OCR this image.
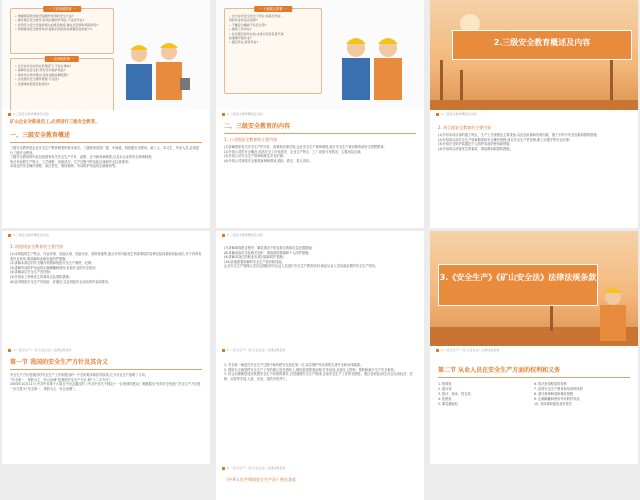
一 不应该做的事 一
• 掌握国家防治的设备操作使用的安全方法?
• 遵守相应安全规范,使用必要防护用品,不违章作业?
• 使用符合安全设备和相关的规章制度,确认危险源和风险防范?
• 积极参加安全教育培训,提高识别危险和规避危险的能力?
一 应该做的事 一
• 自行在非自动作业的情况下,不存在事故?
• 保障作业安全的,穿好劳动保护用品?
• 保持作业场所整洁,及时消除各种隐患?
• 自觉遵守安全操作规程,不违章?
• 发现事故隐患及时报告?
一 不能做人的事 一
• 自行在非安全状态下作业,如高空作业,
冒险作业和违章指挥?
• 不戴安全帽或不系安全带?
• 擅离工作岗位?
• 在有限空间作业前,未进行危险有害气体
检测便开始作业?
• 酒后作业,疲劳作业?	2.三级安全教育概述及内容
2.三级安全教育概述及内容
矿山企业对新进员工,必须进行三级安全教育。
一、三级安全教育概述
三级安全教育是企业安全生产教育制度的基本形式。三级教育是指厂级、车间级、班组级安全教育。新工人、实习生、外来人员,必须进行三级安全教育。
三级安全教育的内容包括国家有关安全生产方针、政策、法令和规章制度,以及本企业的安全规章制度;
所在车间的生产特点、工艺流程、设备状况、生产过程中的危险区域和安全注意事项;
本岗位的安全操作规程、岗位责任、事故案例、劳动防护用品的正确使用等。
2.三级安全教育概述及内容
二、三级安全教育的内容
1. 公司级安全教育的主要内容
(1)讲解国家有关安全生产的方针、政策和法律法规,企业安全生产规章制度,进行安全生产意识教育和安全思想教育;
(2)介绍公司的安全概况,包括安全工作发展史、企业生产特点、工厂设备分布情况、主要危险区域;
(3)介绍公司安全生产规章制度及安全纪律;
(4)介绍公司典型安全事故案例和教训,抢险、救灾、救人常识。
2.三级安全教育概述及内容
2. 项目部安全教育的主要内容
(1)介绍本项目部的施工特点、生产工艺流程及主要设备,以及危险源和有害因素、施工中的不安全因素和预防措施;
(2)介绍项目部安全生产规章制度和安全操作规程,岗位安全生产责任制,职工应遵守的安全纪律;
(3)介绍安全防护装置及个人防护用品的使用和保管;
(4)介绍项目部曾发生的事故、事故教训和预防措施。
2.三级安全教育概述及内容
3. 班组级安全教育的主要内容
(1)本班组的生产特点、作业环境、危险区域、设备状况、消防设施等,重点介绍可能发生伤害事故的各种危险因素和危险部位,对于有毒有害作业场所,要讲解职业病危害防护措施;
(2)讲解本岗位的安全操作规程和班组安全生产制度、纪律;
(3)讲解劳动防护用品的正确佩戴和使用,危险作业的安全知识;
(4)讲解岗位安全生产责任制;
(5)介绍本工种易发生的事故以及预防措施;
(6)宣讲班组安全生产好经验、好做法,以及班组安全活动的内容和要求。
2.三级安全教育概述及内容
(7)讲解事故报告程序、紧急情况下的自救互救和应急处置措施;
(8)讲解危险化学品相关知识、事故预防措施和个人防护措施;
(9)讲解本岗位的职业危害因素和防护措施;
(10)其他需要讲解的安全生产知识和技能。
企业安全生产管理人员应定期组织对从业人员进行安全生产教育培训,保证从业人员具备必要的安全生产知识。
3.《安全生产》《矿山安全法》法律法规条款
3.《安全生产》《矿山安全法》法律法规条款
第一节 我国的安全生产方针及其含义
安全生产方针是我国对安全生产工作所提出的一个总的要求和指导原则,它为安全生产指明了方向。
“安全第一、预防为主、综合治理”是我国安全生产方针,即“十二字方针”。
2005年10月11日,中共中央第十六届五中全会通过的《中共中央关于制定十一五规划的建议》明确提出“坚持安全发展”,安全生产方针进一步完善为“安全第一、预防为主、综合治理”。
3.《安全生产》《矿山安全法》法律法规条款
1. 安全第一就是在安全生产过程中始终把安全放在第一位,切实保护劳动者的生命安全和身体健康。
2. 预防为主就是把安全生产工作的重心放在预防上,强化隐患排查治理,打非治违,从源头上控制、预防和减少生产安全事故。
3. 综合治理就是适应我国安全生产形势的要求,自觉遵循安全生产规律,正视安全生产工作的长期性、艰巨性和复杂性,综合运用经济、法律、行政等手段,人管、法治、技防多管齐下。
3.《安全生产》《矿山安全法》法律法规条款
第二节 从业人员在安全生产方面的权利和义务
1. 知情权
2. 建议权
3. 批评、检举、控告权
4. 拒绝权
5. 紧急避险权
6. 依法获得赔偿的权利
7. 获得安全生产教育和培训的权利
8. 遵守规章制度和操作规程
9. 正确佩戴和使用劳动防护用品
10. 发现事故隐患及时报告
3.《安全生产》《矿山安全法》法律法规条款
《中华人民共和国安全生产法》相关条款
